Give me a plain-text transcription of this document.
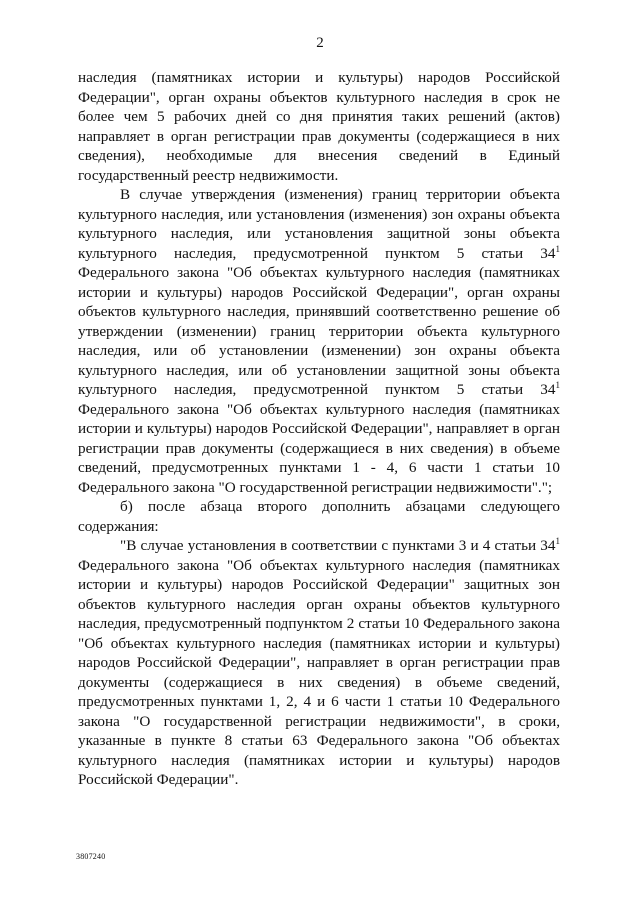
2

наследия (памятниках истории и культуры) народов Российской Федерации", орган охраны объектов культурного наследия в срок не более чем 5 рабочих дней со дня принятия таких решений (актов) направляет в орган регистрации прав документы (содержащиеся в них сведения), необходимые для внесения сведений в Единый государственный реестр недвижимости.

В случае утверждения (изменения) границ территории объекта культурного наследия, или установления (изменения) зон охраны объекта культурного наследия, или установления защитной зоны объекта культурного наследия, предусмотренной пунктом 5 статьи $34^1$ Федерального закона "Об объектах культурного наследия (памятниках истории и культуры) народов Российской Федерации", орган охраны объектов культурного наследия, принявший соответственно решение об утверждении (изменении) границ территории объекта культурного наследия, или об установлении (изменении) зон охраны объекта культурного наследия, или об установлении защитной зоны объекта культурного наследия, предусмотренной пунктом 5 статьи $34^1$ Федерального закона "Об объектах культурного наследия (памятниках истории и культуры) народов Российской Федерации", направляет в орган регистрации прав документы (содержащиеся в них сведения) в объеме сведений, предусмотренных пунктами 1 - 4, 6 части 1 статьи 10 Федерального закона "О государственной регистрации недвижимости".";

б) после абзаца второго дополнить абзацами следующего содержания:

"В случае установления в соответствии с пунктами 3 и 4 статьи $34^1$ Федерального закона "Об объектах культурного наследия (памятниках истории и культуры) народов Российской Федерации" защитных зон объектов культурного наследия орган охраны объектов культурного наследия, предусмотренный подпунктом 2 статьи 10 Федерального закона "Об объектах культурного наследия (памятниках истории и культуры) народов Российской Федерации", направляет в орган регистрации прав документы (содержащиеся в них сведения) в объеме сведений, предусмотренных пунктами 1, 2, 4 и 6 части 1 статьи 10 Федерального закона "О государственной регистрации недвижимости", в сроки, указанные в пункте 8 статьи 63 Федерального закона "Об объектах культурного наследия (памятниках истории и культуры) народов Российской Федерации".

3807240
